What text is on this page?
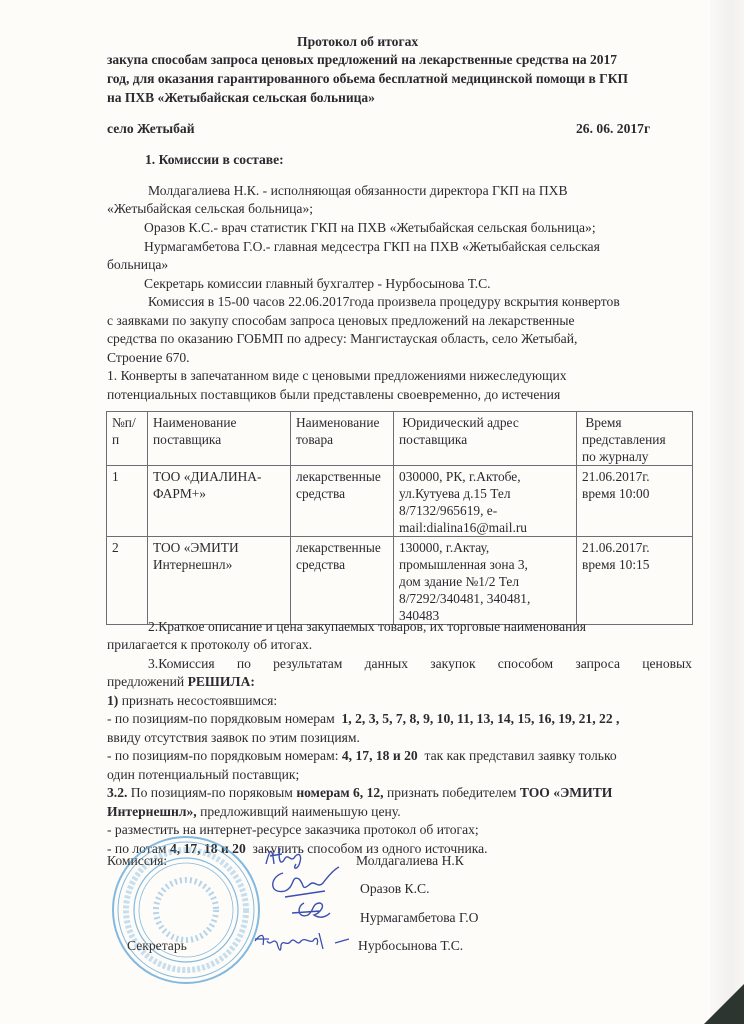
Протокол об итогах
закупа способам запроса ценовых предложений на лекарственные средства на 2017
год, для оказания гарантированного обьема бесплатной медицинской помощи в ГКП
на ПХВ «Жетыбайская сельская больница»
село Жетыбай	26. 06. 2017г
1. Комиссии в составе:
Молдагалиева Н.К. - исполняющая обязанности директора ГКП на ПХВ
«Жетыбайская сельская больница»;
Оразов К.С.- врач статистик ГКП на ПХВ «Жетыбайская сельская больница»;
Нурмагамбетова Г.О.- главная медсестра ГКП на ПХВ «Жетыбайская сельская
больница»
Секретарь комиссии главный бухгалтер - Нурбосынова Т.С.
Комиссия в 15-00 часов 22.06.2017года произвела процедуру вскрытия конвертов
с заявками по закупу способам запроса ценовых предложений на лекарственные
средства по оказанию ГОБМП по адресу: Мангистауская область, село Жетыбай,
Строение 670.
1. Конверты в запечатанном виде с ценовыми предложениями нижеследующих
потенциальных поставщиков были представлены своевременно, до истечения
№п/п

Наименование
поставщика

Наименование
товара

Юридический адрес
поставщика

Время
представления
по журналу

1	ТОО «ДИАЛИНА-
ФАРМ+»

лекарственные
средства

030000, РК, г.Актобе,
ул.Кутуева д.15 Тел
8/7132/965619, e-
mail:dialina16@mail.ru

21.06.2017г.
время 10:00

2	ТОО «ЭМИТИ
Интернешнл»

лекарственные
средства

130000, г.Актау,
промышленная зона 3,
дом здание №1/2 Тел
8/7292/340481, 340481,
340483

21.06.2017г.
время 10:15
2.Краткое описание и цена закупаемых товаров, их торговые наименования
прилагается к протоколу об итогах.
3.Комиссия по результатам данных закупок способом запроса ценовых
предложений РЕШИЛА:
1) признать несостоявшимся:
- по позициям-по порядковым номерам  1, 2, 3, 5, 7, 8, 9, 10, 11, 13, 14, 15, 16, 19, 21, 22 ,
ввиду отсутствия заявок по этим позициям.
- по позициям-по порядковым номерам: 4, 17, 18 и 20  так как представил заявку только
один потенциальный поставщик;
3.2. По позициям-по поряковым номерам 6, 12, признать победителем ТОО «ЭМИТИ
Интернешнл», предложивщий наименьшую цену.
- разместить на интернет-ресурсе заказчика протокол об итогах;
- по лотам 4, 17, 18 и 20  закупить способом из одного источника.
Комиссия:
Секретарь
Молдагалиева Н.К
Оразов К.С.
Нурмагамбетова Г.О
Нурбосынова Т.С.
